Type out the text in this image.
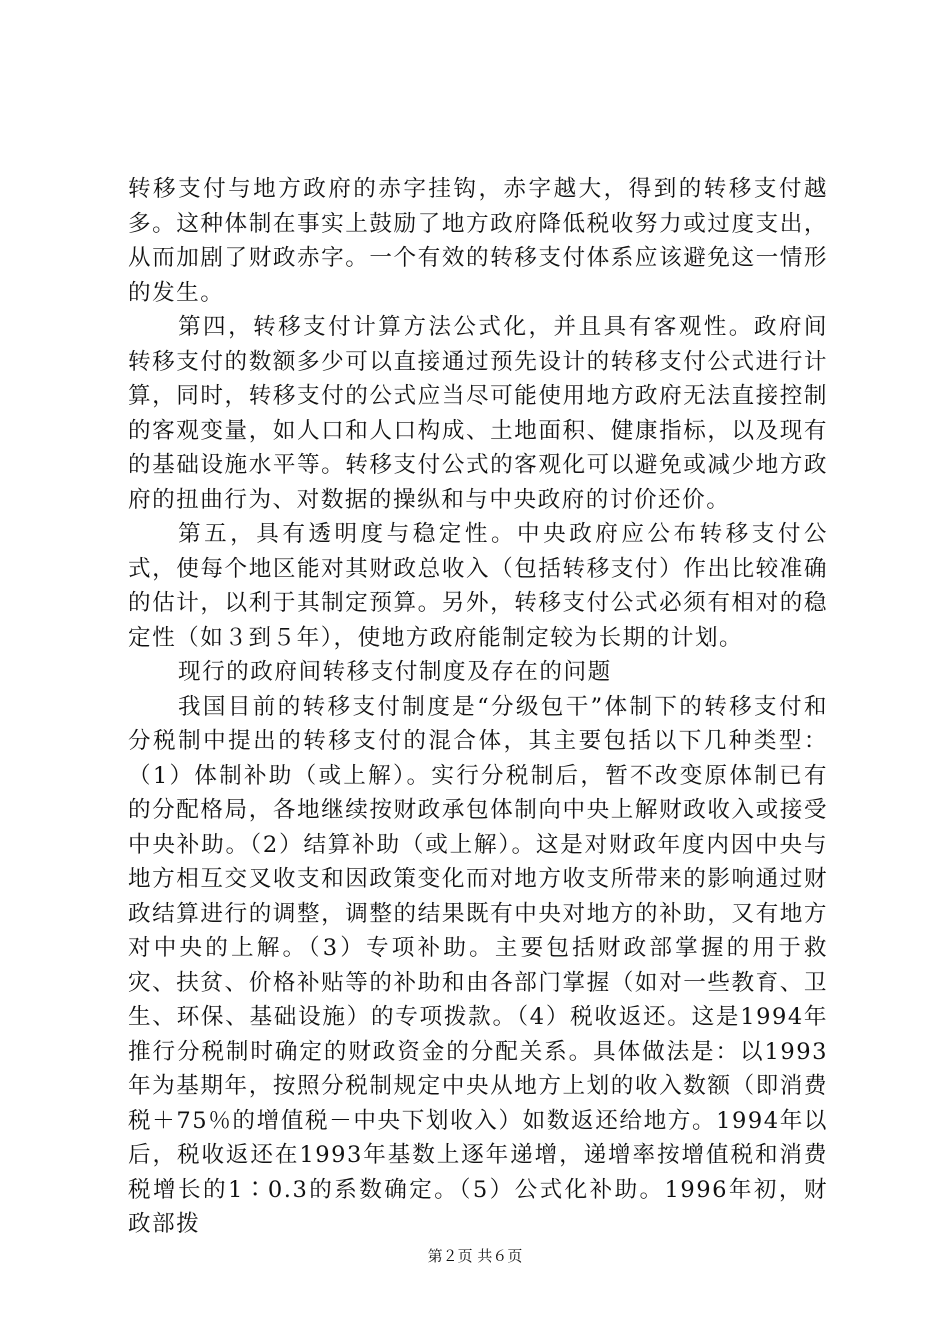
转移支付与地方政府的赤字挂钩，赤字越大，得到的转移支付越多。这种体制在事实上鼓励了地方政府降低税收努力或过度支出，从而加剧了财政赤字。一个有效的转移支付体系应该避免这一情形的发生。

第四，转移支付计算方法公式化，并且具有客观性。政府间转移支付的数额多少可以直接通过预先设计的转移支付公式进行计算，同时，转移支付的公式应当尽可能使用地方政府无法直接控制的客观变量，如人口和人口构成、土地面积、健康指标，以及现有的基础设施水平等。转移支付公式的客观化可以避免或减少地方政府的扭曲行为、对数据的操纵和与中央政府的讨价还价。

第五，具有透明度与稳定性。中央政府应公布转移支付公式，使每个地区能对其财政总收入（包括转移支付）作出比较准确的估计，以利于其制定预算。另外，转移支付公式必须有相对的稳定性（如３到５年），使地方政府能制定较为长期的计划。

现行的政府间转移支付制度及存在的问题

我国目前的转移支付制度是“分级包干”体制下的转移支付和分税制中提出的转移支付的混合体，其主要包括以下几种类型：（1）体制补助（或上解）。实行分税制后，暂不改变原体制已有的分配格局，各地继续按财政承包体制向中央上解财政收入或接受中央补助。（2）结算补助（或上解）。这是对财政年度内因中央与地方相互交叉收支和因政策变化而对地方收支所带来的影响通过财政结算进行的调整，调整的结果既有中央对地方的补助，又有地方对中央的上解。（3）专项补助。主要包括财政部掌握的用于救灾、扶贫、价格补贴等的补助和由各部门掌握（如对一些教育、卫生、环保、基础设施）的专项拨款。（4）税收返还。这是1994年推行分税制时确定的财政资金的分配关系。具体做法是：以1993年为基期年，按照分税制规定中央从地方上划的收入数额（即消费税＋75％的增值税－中央下划收入）如数返还给地方。1994年以后，税收返还在1993年基数上逐年递增，递增率按增值税和消费税增长的1∶0.3的系数确定。（5）公式化补助。1996年初，财政部拨

第２页 共６页
